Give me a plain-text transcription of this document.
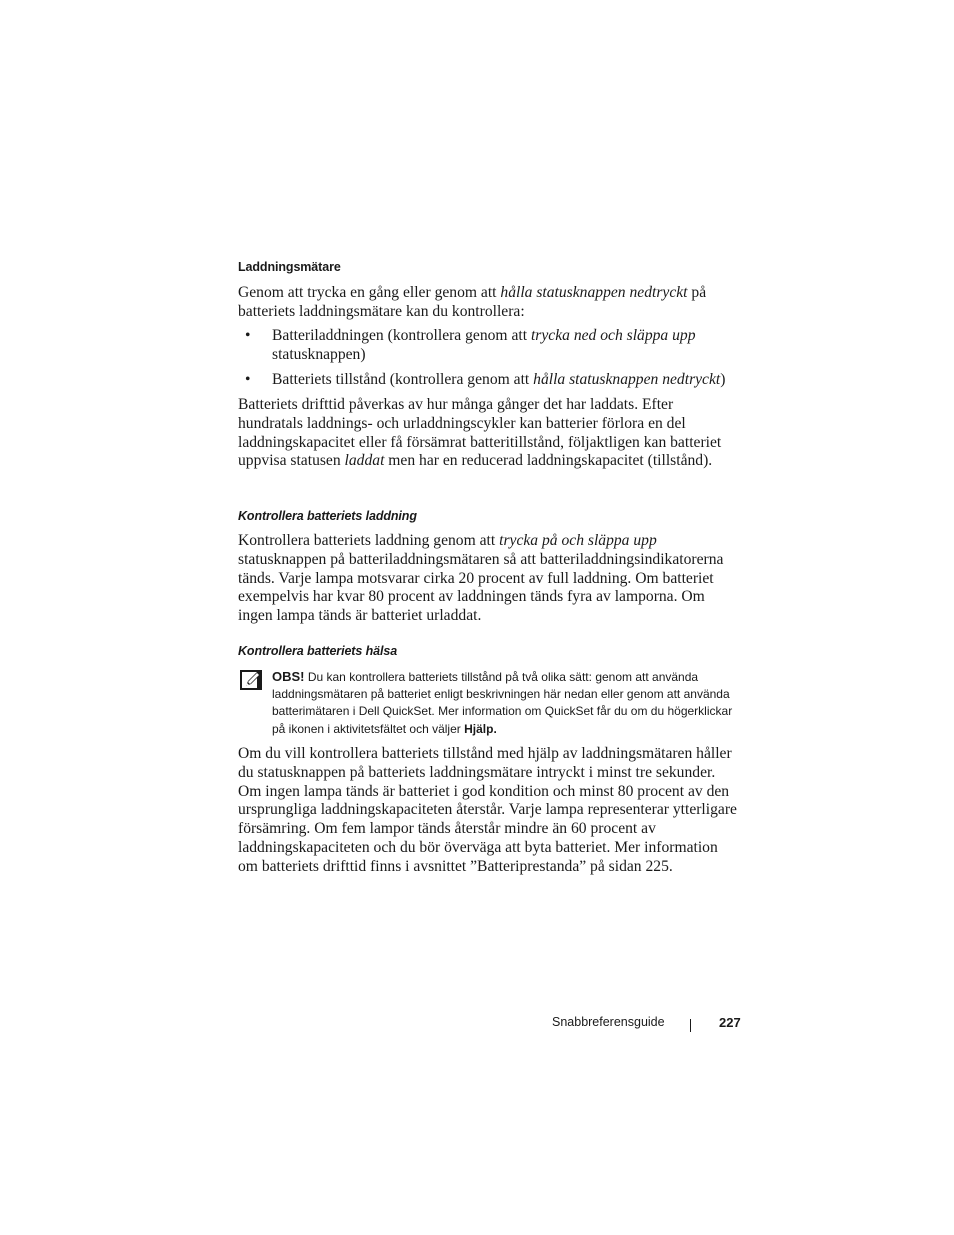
Laddningsmätare

Genom att trycka en gång eller genom att hålla statusknappen nedtryckt på batteriets laddningsmätare kan du kontrollera:

• Batteriladdningen (kontrollera genom att trycka ned och släppa upp statusknappen)
• Batteriets tillstånd (kontrollera genom att hålla statusknappen nedtryckt)

Batteriets drifttid påverkas av hur många gånger det har laddats. Efter hundratals laddnings- och urladdningscykler kan batterier förlora en del laddningskapacitet eller få försämrat batteritillstånd, följaktligen kan batteriet uppvisa statusen laddat men har en reducerad laddningskapacitet (tillstånd).

Kontrollera batteriets laddning

Kontrollera batteriets laddning genom att trycka på och släppa upp statusknappen på batteriladdningsmätaren så att batteriladdningsindikatorerna tänds. Varje lampa motsvarar cirka 20 procent av full laddning. Om batteriet exempelvis har kvar 80 procent av laddningen tänds fyra av lamporna. Om ingen lampa tänds är batteriet urladdat.

Kontrollera batteriets hälsa
OBS! Du kan kontrollera batteriets tillstånd på två olika sätt: genom att använda laddningsmätaren på batteriet enligt beskrivningen här nedan eller genom att använda batterimätaren i Dell QuickSet. Mer information om QuickSet får du om du högerklickar på ikonen i aktivitetsfältet och väljer Hjälp.

Om du vill kontrollera batteriets tillstånd med hjälp av laddningsmätaren håller du statusknappen på batteriets laddningsmätare intryckt i minst tre sekunder. Om ingen lampa tänds är batteriet i god kondition och minst 80 procent av den ursprungliga laddningskapaciteten återstår. Varje lampa representerar ytterligare försämring. Om fem lampor tänds återstår mindre än 60 procent av laddningskapaciteten och du bör överväga att byta batteriet. Mer information om batteriets drifttid finns i avsnittet ”Batteriprestanda” på sidan 225.

Snabbreferensguide	227
